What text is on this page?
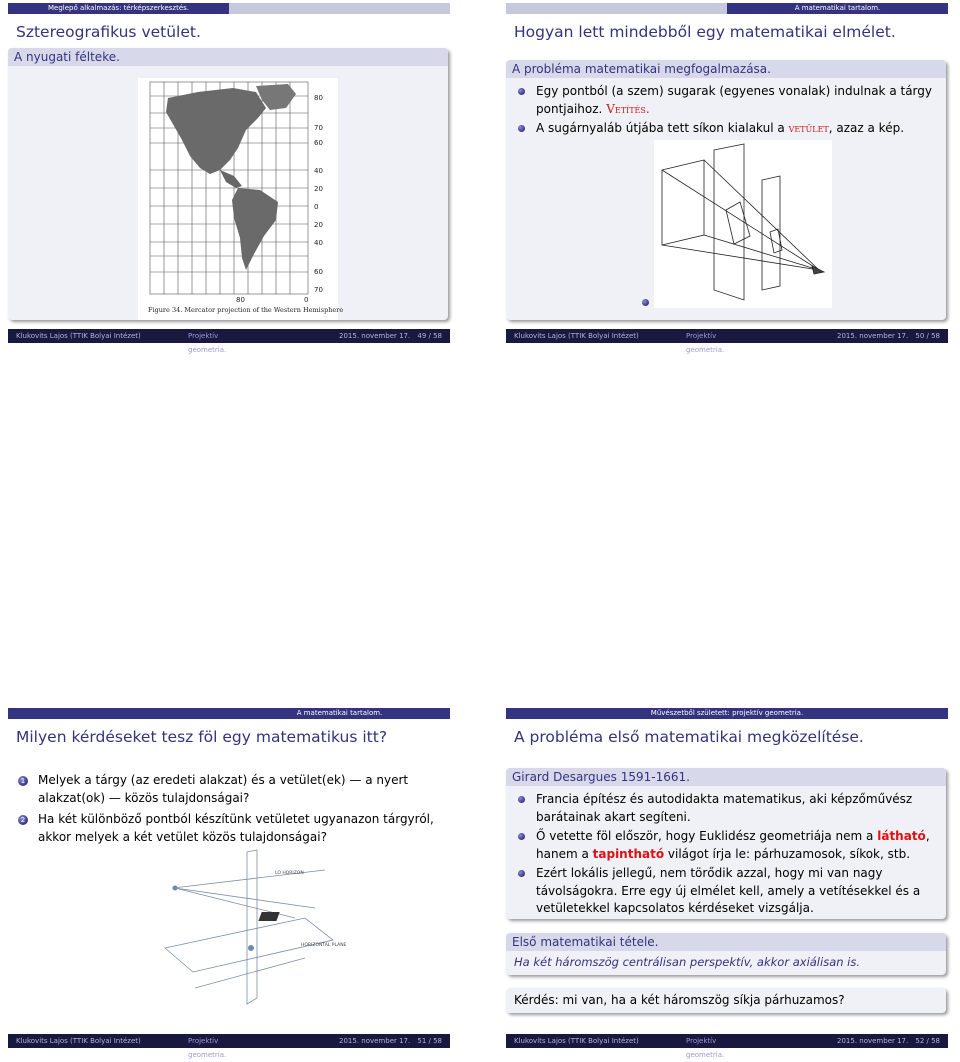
Meglepő alkalmazás: térképszerkesztés.
Sztereografikus vetület.
A nyugati félteke.
80
70
60
40
20
0
20
40
60
70
80	0
Figure 34. Mercator projection of the Western Hemisphere
Klukovits Lajos (TTIK Bolyai Intézet)	Projektív geometria.
2015. november 17. 49 / 58
A matematikai tartalom.
Hogyan lett mindebből egy matematikai elmélet.
A probléma matematikai megfogalmazása.
Egy pontból (a szem) sugarak (egyenes vonalak) indulnak a tárgy pontjaihoz. Vetítés.
A sugárnyaláb útjába tett síkon kialakul a vetület, azaz a kép.
Klukovits Lajos (TTIK Bolyai Intézet)	Projektív geometria.
2015. november 17. 50 / 58
A matematikai tartalom.
Milyen kérdéseket tesz föl egy matematikus itt?
1 Melyek a tárgy (az eredeti alakzat) és a vetület(ek) — a nyert alakzat(ok) — közös tulajdonságai?
2 Ha két különböző pontból készítünk vetületet ugyanazon tárgyról, akkor melyek a két vetület közös tulajdonságai?
LO HORIZON
HORIZONTAL PLANE
Klukovits Lajos (TTIK Bolyai Intézet)	Projektív geometria.
2015. november 17. 51 / 58
Művészetből született: projektív geometria.
A probléma első matematikai megközelítése.
Girard Desargues 1591-1661.
Francia építész és autodidakta matematikus, aki képzőművész barátainak akart segíteni.
Ő vetette föl először, hogy Euklidész geometriája nem a látható, hanem a tapintható világot írja le: párhuzamosok, síkok, stb.
Ezért lokális jellegű, nem törődik azzal, hogy mi van nagy távolságokra. Erre egy új elmélet kell, amely a vetítésekkel és a vetületekkel kapcsolatos kérdéseket vizsgálja.
Első matematikai tétele.
Ha két háromszög centrálisan perspektív, akkor axiálisan is.
Kérdés: mi van, ha a két háromszög síkja párhuzamos?
Klukovits Lajos (TTIK Bolyai Intézet)	Projektív geometria.
2015. november 17. 52 / 58
